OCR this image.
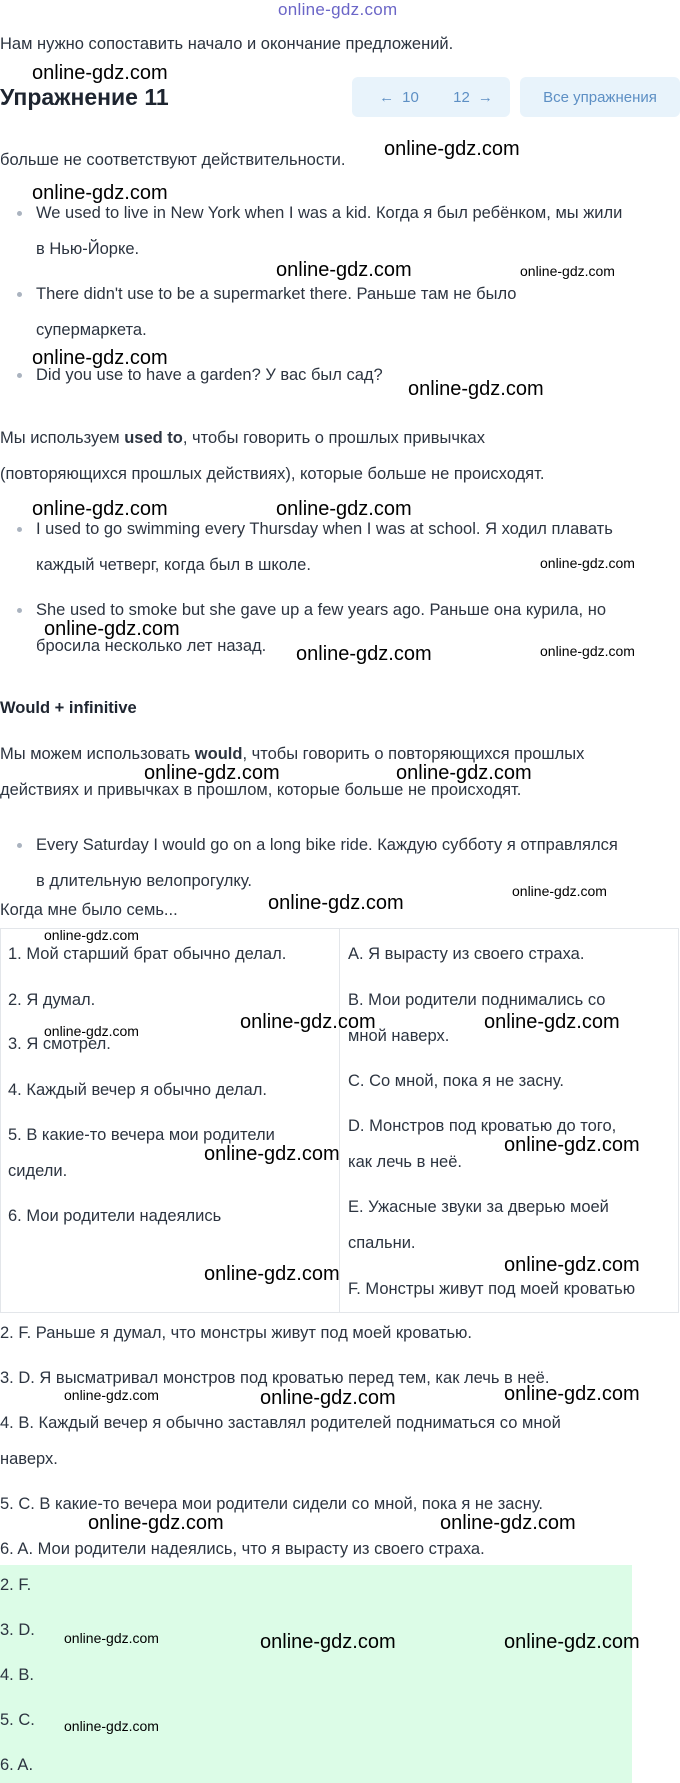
online-gdz.com
Нам нужно сопоставить начало и окончание предложений.
Упражнение 11	← 10 12 →	Все упражнения
больше не соответствуют действительности.
We used to live in New York when I was a kid. Когда я был ребёнком, мы жили
в Нью-Йорке.
There didn't use to be a supermarket there. Раньше там не было
супермаркета.
Did you use to have a garden? У вас был сад?
Мы используем used to, чтобы говорить о прошлых привычках
(повторяющихся прошлых действиях), которые больше не происходят.
I used to go swimming every Thursday when I was at school. Я ходил плавать
каждый четверг, когда был в школе.
She used to smoke but she gave up a few years ago. Раньше она курила, но
бросила несколько лет назад.
Would + infinitive
Мы можем использовать would, чтобы говорить о повторяющихся прошлых
действиях и привычках в прошлом, которые больше не происходят.
Every Saturday I would go on a long bike ride. Каждую субботу я отправлялся
в длительную велопрогулку.
Когда мне было семь...
1. Мой старший брат обычно делал.
2. Я думал.
3. Я смотрел.
4. Каждый вечер я обычно делал.
5. В какие-то вечера мои родители
сидели.
6. Мои родители надеялись
A. Я вырасту из своего страха.
B. Мои родители поднимались со
мной наверх.
C. Со мной, пока я не засну.
D. Монстров под кроватью до того,
как лечь в неё.
E. Ужасные звуки за дверью моей
спальни.
F. Монстры живут под моей кроватью
2. F. Раньше я думал, что монстры живут под моей кроватью.
3. D. Я высматривал монстров под кроватью перед тем, как лечь в неё.
4. B. Каждый вечер я обычно заставлял родителей подниматься со мной
наверх.
5. C. В какие-то вечера мои родители сидели со мной, пока я не засну.
6. A. Мои родители надеялись, что я вырасту из своего страха.
2. F.
3. D.
4. B.
5. C.
6. A.
online-gdz.com
online-gdz.com
online-gdz.com
online-gdz.com	online-gdz.com
online-gdz.com
online-gdz.com
online-gdz.com	online-gdz.com
online-gdz.com
online-gdz.com
online-gdz.com	online-gdz.com
online-gdz.com	online-gdz.com
online-gdz.com
online-gdz.com
online-gdz.com
online-gdz.com	online-gdz.com
online-gdz.com
online-gdz.com
online-gdz.com
online-gdz.com	online-gdz.com
online-gdz.com	online-gdz.com	online-gdz.com
online-gdz.com	online-gdz.com
online-gdz.com	online-gdz.com	online-gdz.com
online-gdz.com
